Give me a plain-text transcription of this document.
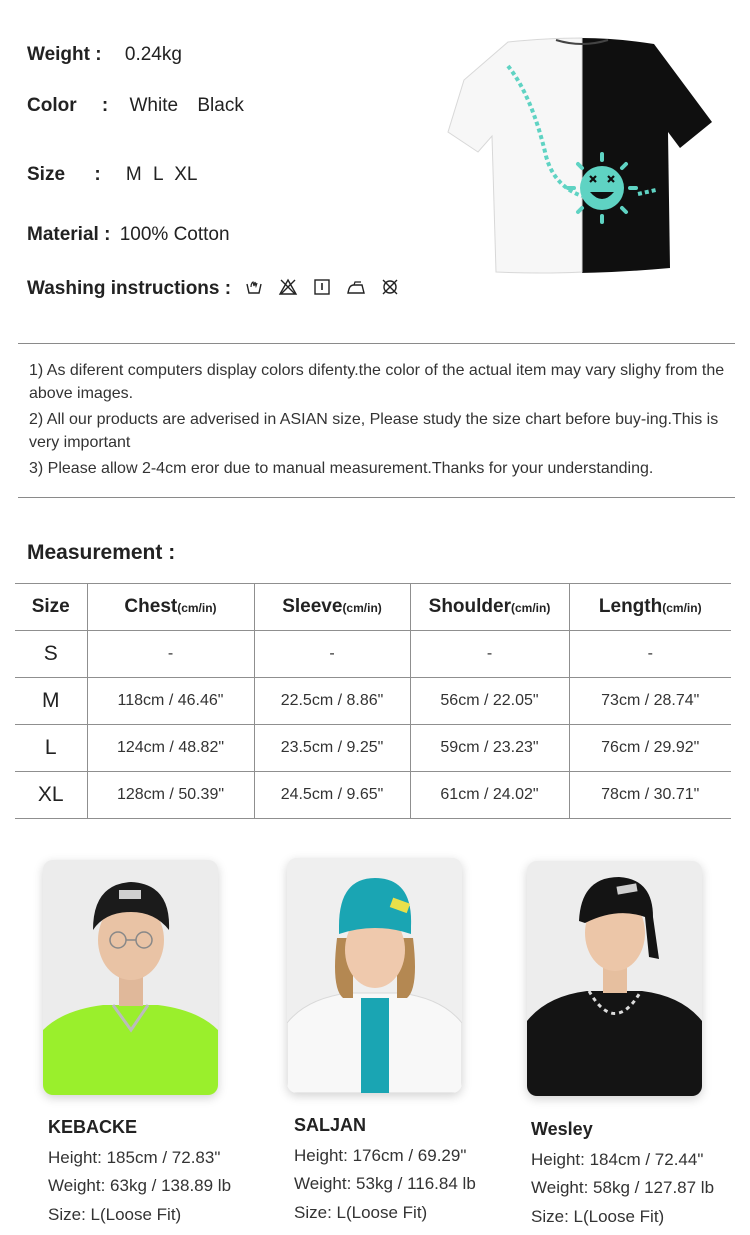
Weight : 0.24kg
Color : White Black
Size : M L XL
Material : 100% Cotton
Washing instructions :

1) As diferent computers display colors difenty.the color of the actual item may vary slighy from the above images.

2) All our products are adverised in ASIAN size, Please study the size chart before buy-ing.This is very important

3) Please allow 2-4cm eror due to manual measurement.Thanks for your understanding.

Measurement :
Size	Chest(cm/in)	Sleeve(cm/in)	Shoulder(cm/in)	Length(cm/in)
S	-	-	-	-
M	118cm / 46.46"	22.5cm / 8.86"	56cm / 22.05"	73cm / 28.74"
L	124cm / 48.82"	23.5cm / 9.25"	59cm / 23.23"	76cm / 29.92"
XL	128cm / 50.39"	24.5cm / 9.65"	61cm / 24.02"	78cm / 30.71"
KEBACKE
Height: 185cm / 72.83"
Weight: 63kg / 138.89 lb
Size: L(Loose Fit)
SALJAN
Height: 176cm / 69.29"
Weight: 53kg / 116.84 lb
Size: L(Loose Fit)
Wesley
Height: 184cm / 72.44"
Weight: 58kg / 127.87 lb
Size: L(Loose Fit)
